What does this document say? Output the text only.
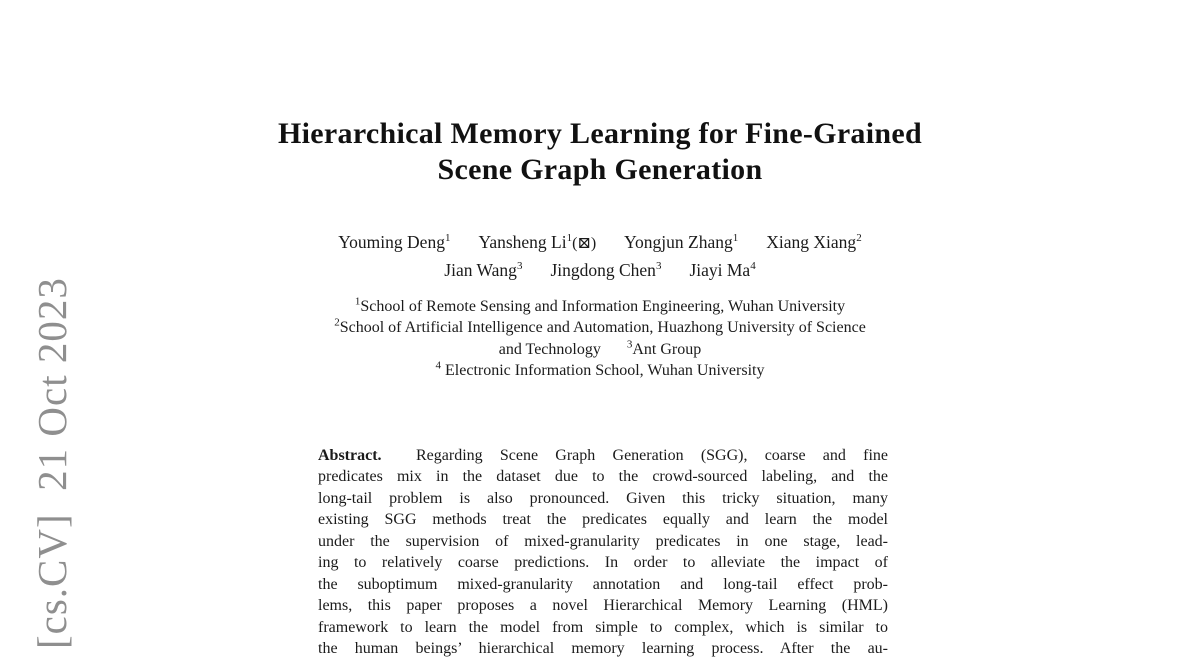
[cs.CV]  21 Oct 2023
Hierarchical Memory Learning for Fine-Grained
Scene Graph Generation
Youming Deng$^1$ Yansheng Li$^1$(⊠) Yongjun Zhang$^1$ Xiang Xiang$^2$
Jian Wang$^3$ Jingdong Chen$^3$ Jiayi Ma$^4$
$^1$School of Remote Sensing and Information Engineering, Wuhan University
$^2$School of Artificial Intelligence and Automation, Huazhong University of Science
and Technology $^3$Ant Group
$^4$ Electronic Information School, Wuhan University
Abstract.  Regarding Scene Graph Generation (SGG), coarse and fine
predicates mix in the dataset due to the crowd-sourced labeling, and the
long-tail problem is also pronounced. Given this tricky situation, many
existing SGG methods treat the predicates equally and learn the model
under the supervision of mixed-granularity predicates in one stage, lead-
ing to relatively coarse predictions. In order to alleviate the impact of
the suboptimum mixed-granularity annotation and long-tail effect prob-
lems, this paper proposes a novel Hierarchical Memory Learning (HML)
framework to learn the model from simple to complex, which is similar to
the human beings’ hierarchical memory learning process. After the au-
